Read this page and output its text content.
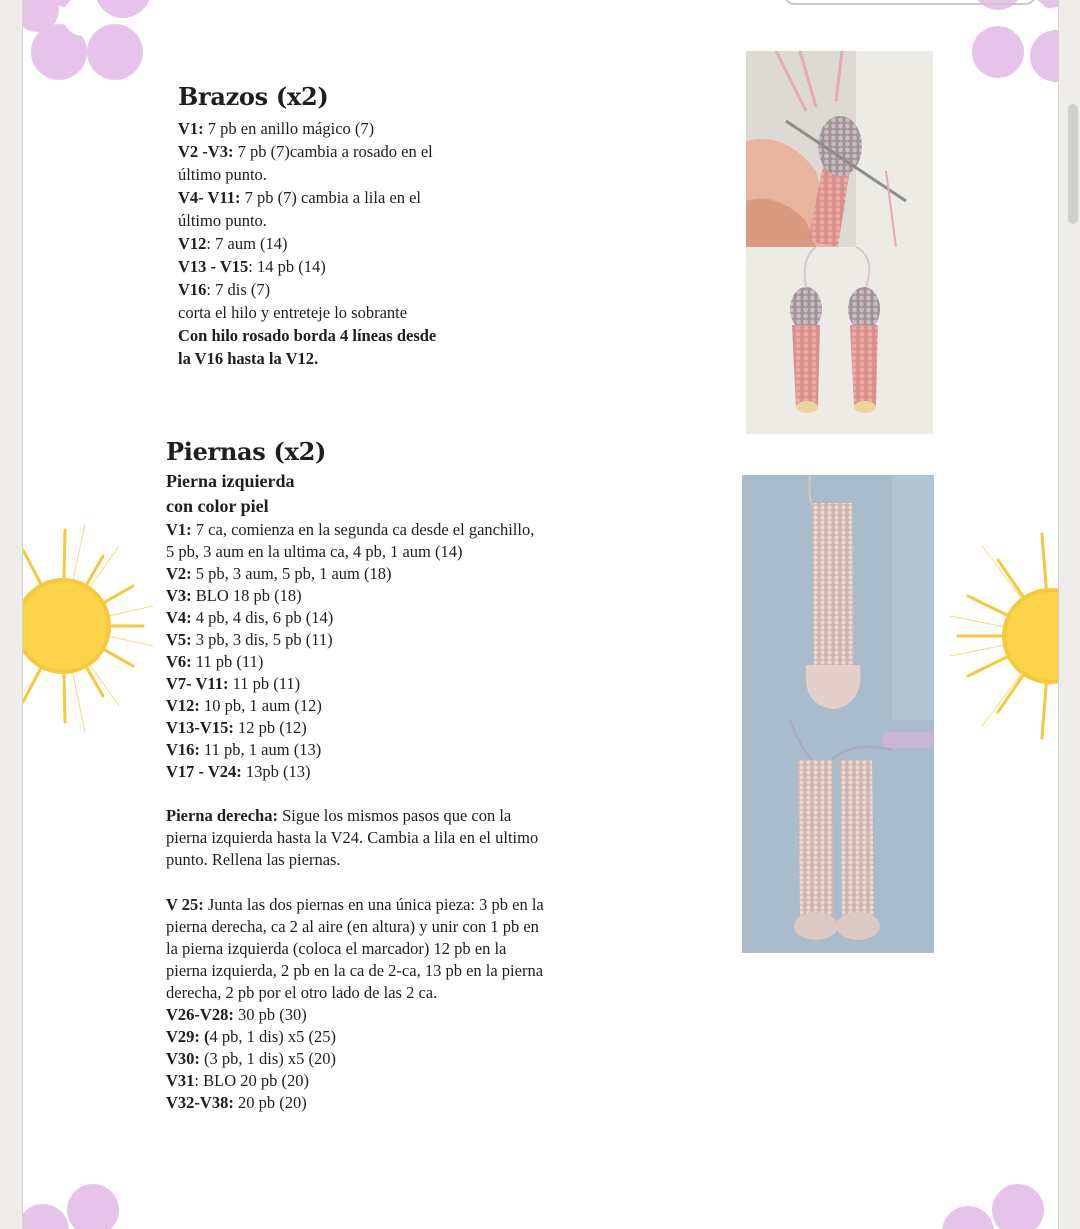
Brazos (x2)
V1: 7 pb en anillo mágico (7)
V2 -V3: 7 pb (7)cambia a rosado en el
último punto.
V4- V11: 7 pb (7) cambia a lila en el
último punto.
V12: 7 aum (14)
V13 - V15: 14 pb (14)
V16: 7 dis (7)
corta el hilo y entreteje lo sobrante
Con hilo rosado borda 4 líneas desde
la V16 hasta la V12.
Piernas (x2)
Pierna izquierda
con color piel
V1: 7 ca, comienza en la segunda ca desde el ganchillo,
5 pb, 3 aum en la ultima ca, 4 pb, 1 aum (14)
V2: 5 pb, 3 aum, 5 pb, 1 aum (18)
V3: BLO 18 pb (18)
V4: 4 pb, 4 dis, 6 pb (14)
V5: 3 pb, 3 dis, 5 pb (11)
V6: 11 pb (11)
V7- V11: 11 pb (11)
V12: 10 pb, 1 aum (12)
V13-V15: 12 pb (12)
V16: 11 pb, 1 aum (13)
V17 - V24: 13pb (13)
Pierna derecha: Sigue los mismos pasos que con la
pierna izquierda hasta la V24. Cambia a lila en el ultimo
punto. Rellena las piernas.
V 25: Junta las dos piernas en una única pieza: 3 pb en la
pierna derecha, ca 2 al aire (en altura) y unir con 1 pb en
la pierna izquierda (coloca el marcador) 12 pb en la
pierna izquierda, 2 pb en la ca de 2-ca, 13 pb en la pierna
derecha, 2 pb por el otro lado de las 2 ca.
V26-V28: 30 pb (30)
V29: (4 pb, 1 dis) x5 (25)
V30: (3 pb, 1 dis) x5 (20)
V31: BLO 20 pb (20)
V32-V38: 20 pb (20)
